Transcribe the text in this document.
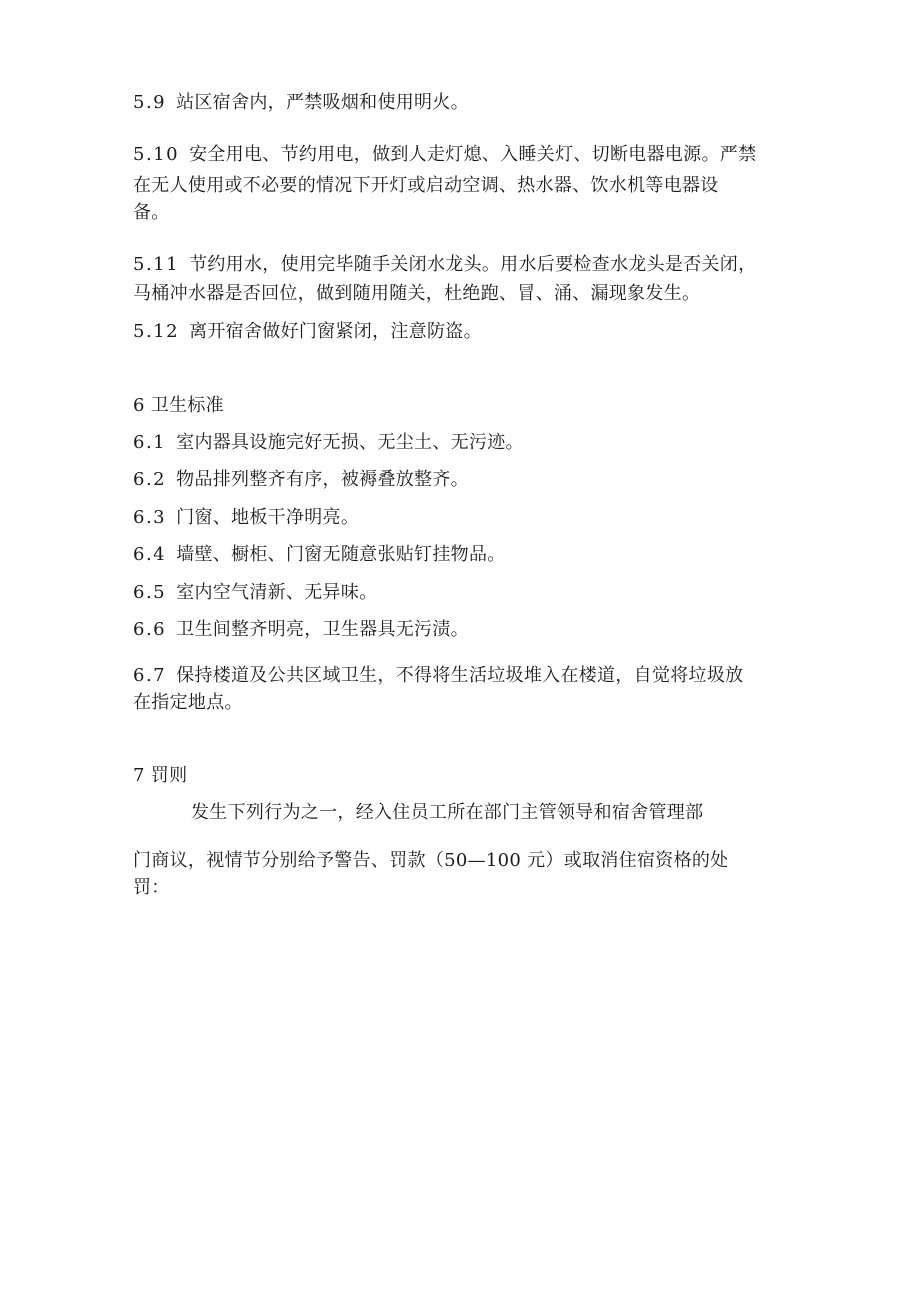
5.9 站区宿舍内，严禁吸烟和使用明火。
5.10 安全用电、节约用电，做到人走灯熄、入睡关灯、切断电器电源。严禁
在无人使用或不必要的情况下开灯或启动空调、热水器、饮水机等电器设
备。
5.11 节约用水，使用完毕随手关闭水龙头。用水后要检查水龙头是否关闭，
马桶冲水器是否回位，做到随用随关，杜绝跑、冒、涌、漏现象发生。
5.12 离开宿舍做好门窗紧闭，注意防盗。
6 卫生标准
6.1 室内器具设施完好无损、无尘土、无污迹。
6.2 物品排列整齐有序，被褥叠放整齐。
6.3 门窗、地板干净明亮。
6.4 墙壁、橱柜、门窗无随意张贴钉挂物品。
6.5 室内空气清新、无异味。
6.6 卫生间整齐明亮，卫生器具无污渍。
6.7 保持楼道及公共区域卫生，不得将生活垃圾堆入在楼道，自觉将垃圾放
在指定地点。
7 罚则
发生下列行为之一，经入住员工所在部门主管领导和宿舍管理部
门商议，视情节分别给予警告、罚款（50—100 元）或取消住宿资格的处
罚：
